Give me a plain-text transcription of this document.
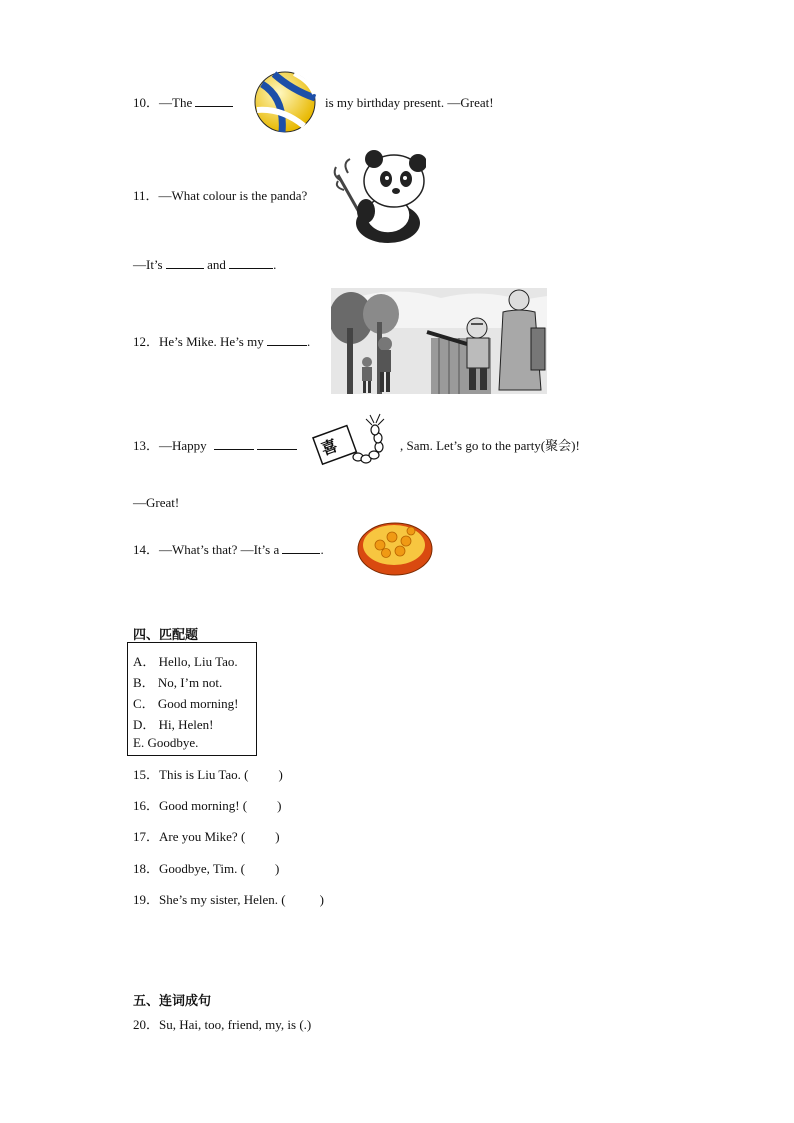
10．—The	is my birthday present. —Great!
11．—What colour is the panda?
—It’s	and	.
12．He’s Mike. He’s my	.
13．—Happy	喜	, Sam. Let’s go to the party(聚会)!
—Great!
14．—What’s that? —It’s a	.
四、匹配题
A． Hello, Liu Tao.
B． No, I’m not.
C． Good morning!
D． Hi, Helen!
E. Goodbye.
15．This is Liu Tao. ( )
16．Good morning! ( )
17．Are you Mike? ( )
18．Goodbye, Tim. ( )
19．She’s my sister, Helen. (	)
五、连词成句
20．Su, Hai, too, friend, my, is (.)
